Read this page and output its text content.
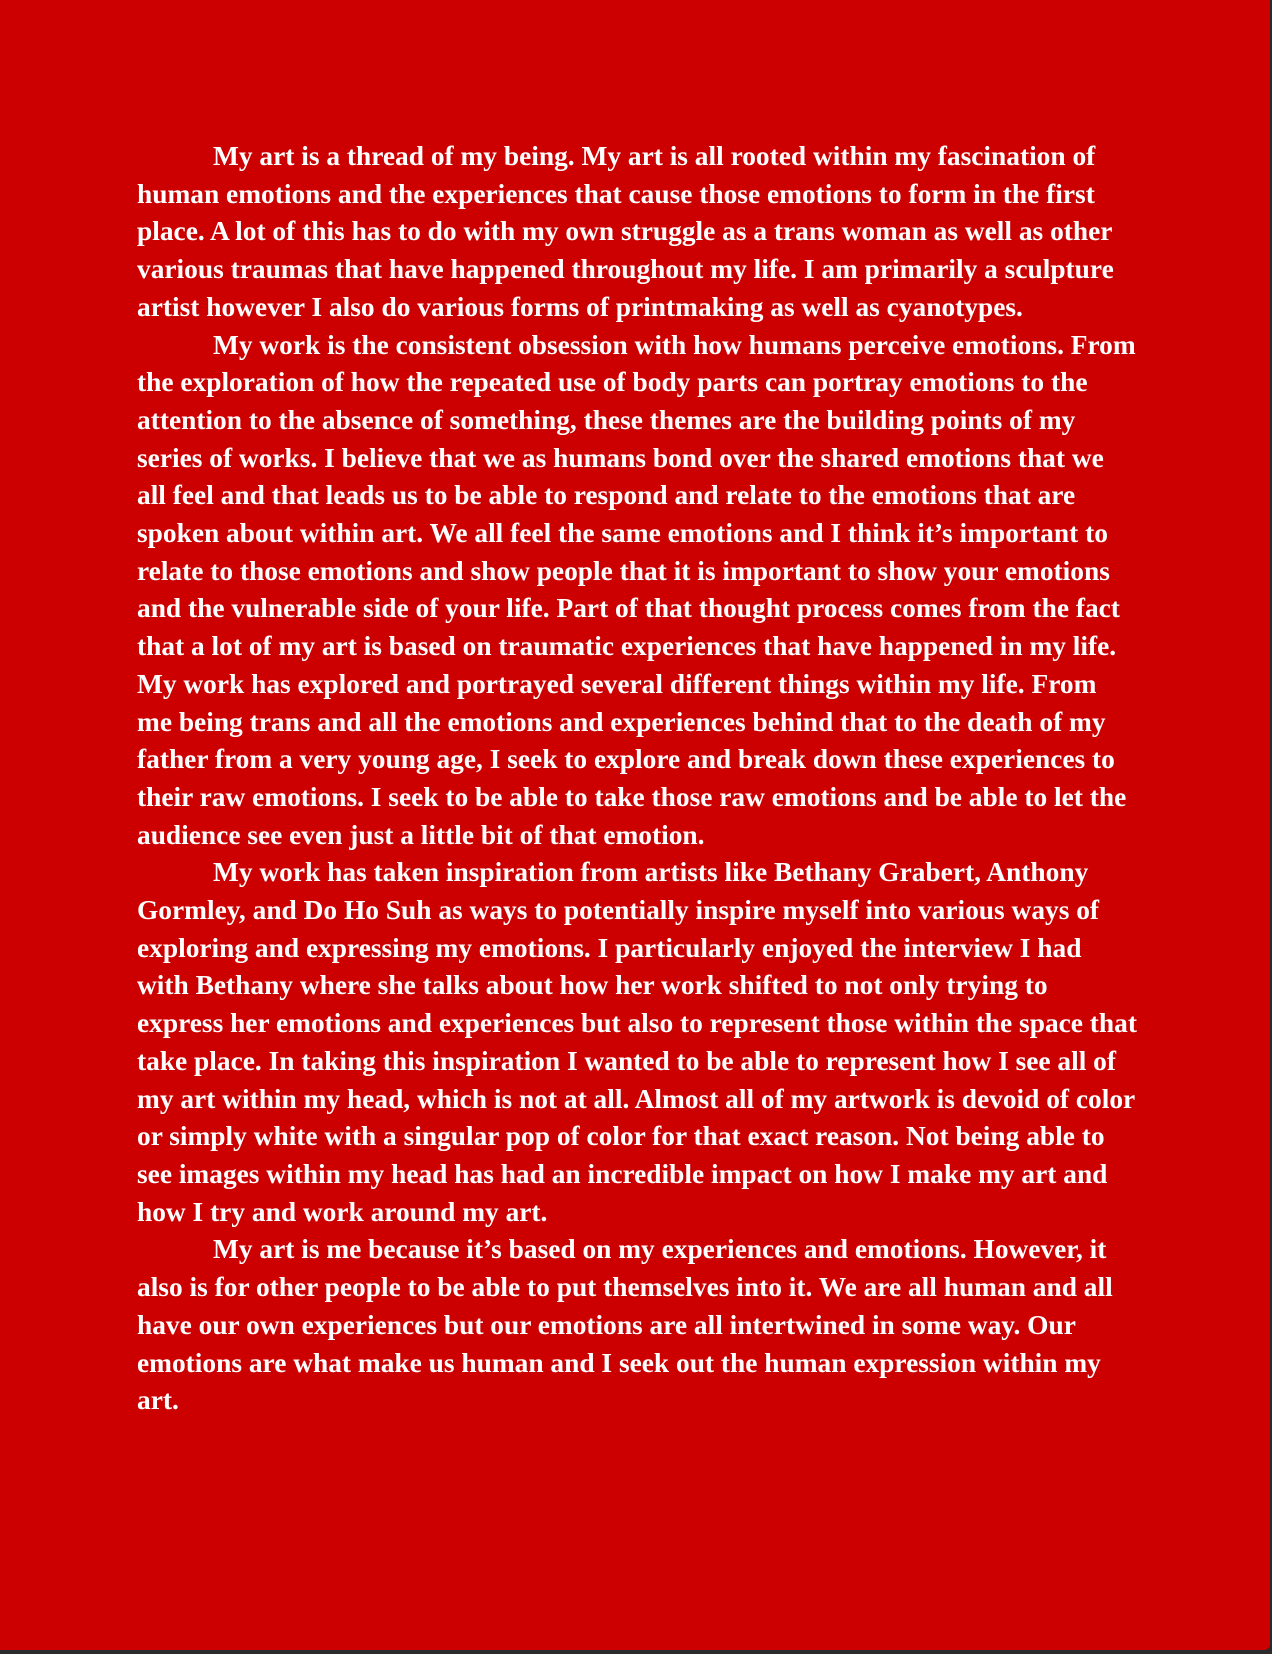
My art is a thread of my being. My art is all rooted within my fascination of human emotions and the experiences that cause those emotions to form in the first place. A lot of this has to do with my own struggle as a trans woman as well as other various traumas that have happened throughout my life. I am primarily a sculpture artist however I also do various forms of printmaking as well as cyanotypes.

My work is the consistent obsession with how humans perceive emotions. From the exploration of how the repeated use of body parts can portray emotions to the attention to the absence of something, these themes are the building points of my series of works. I believe that we as humans bond over the shared emotions that we all feel and that leads us to be able to respond and relate to the emotions that are spoken about within art. We all feel the same emotions and I think it’s important to relate to those emotions and show people that it is important to show your emotions and the vulnerable side of your life. Part of that thought process comes from the fact that a lot of my art is based on traumatic experiences that have happened in my life. My work has explored and portrayed several different things within my life. From me being trans and all the emotions and experiences behind that to the death of my father from a very young age, I seek to explore and break down these experiences to their raw emotions. I seek to be able to take those raw emotions and be able to let the audience see even just a little bit of that emotion.

My work has taken inspiration from artists like Bethany Grabert, Anthony Gormley, and Do Ho Suh as ways to potentially inspire myself into various ways of exploring and expressing my emotions. I particularly enjoyed the interview I had with Bethany where she talks about how her work shifted to not only trying to express her emotions and experiences but also to represent those within the space that take place. In taking this inspiration I wanted to be able to represent how I see all of my art within my head, which is not at all. Almost all of my artwork is devoid of color or simply white with a singular pop of color for that exact reason. Not being able to see images within my head has had an incredible impact on how I make my art and how I try and work around my art.

My art is me because it’s based on my experiences and emotions. However, it also is for other people to be able to put themselves into it. We are all human and all have our own experiences but our emotions are all intertwined in some way. Our emotions are what make us human and I seek out the human expression within my art.
